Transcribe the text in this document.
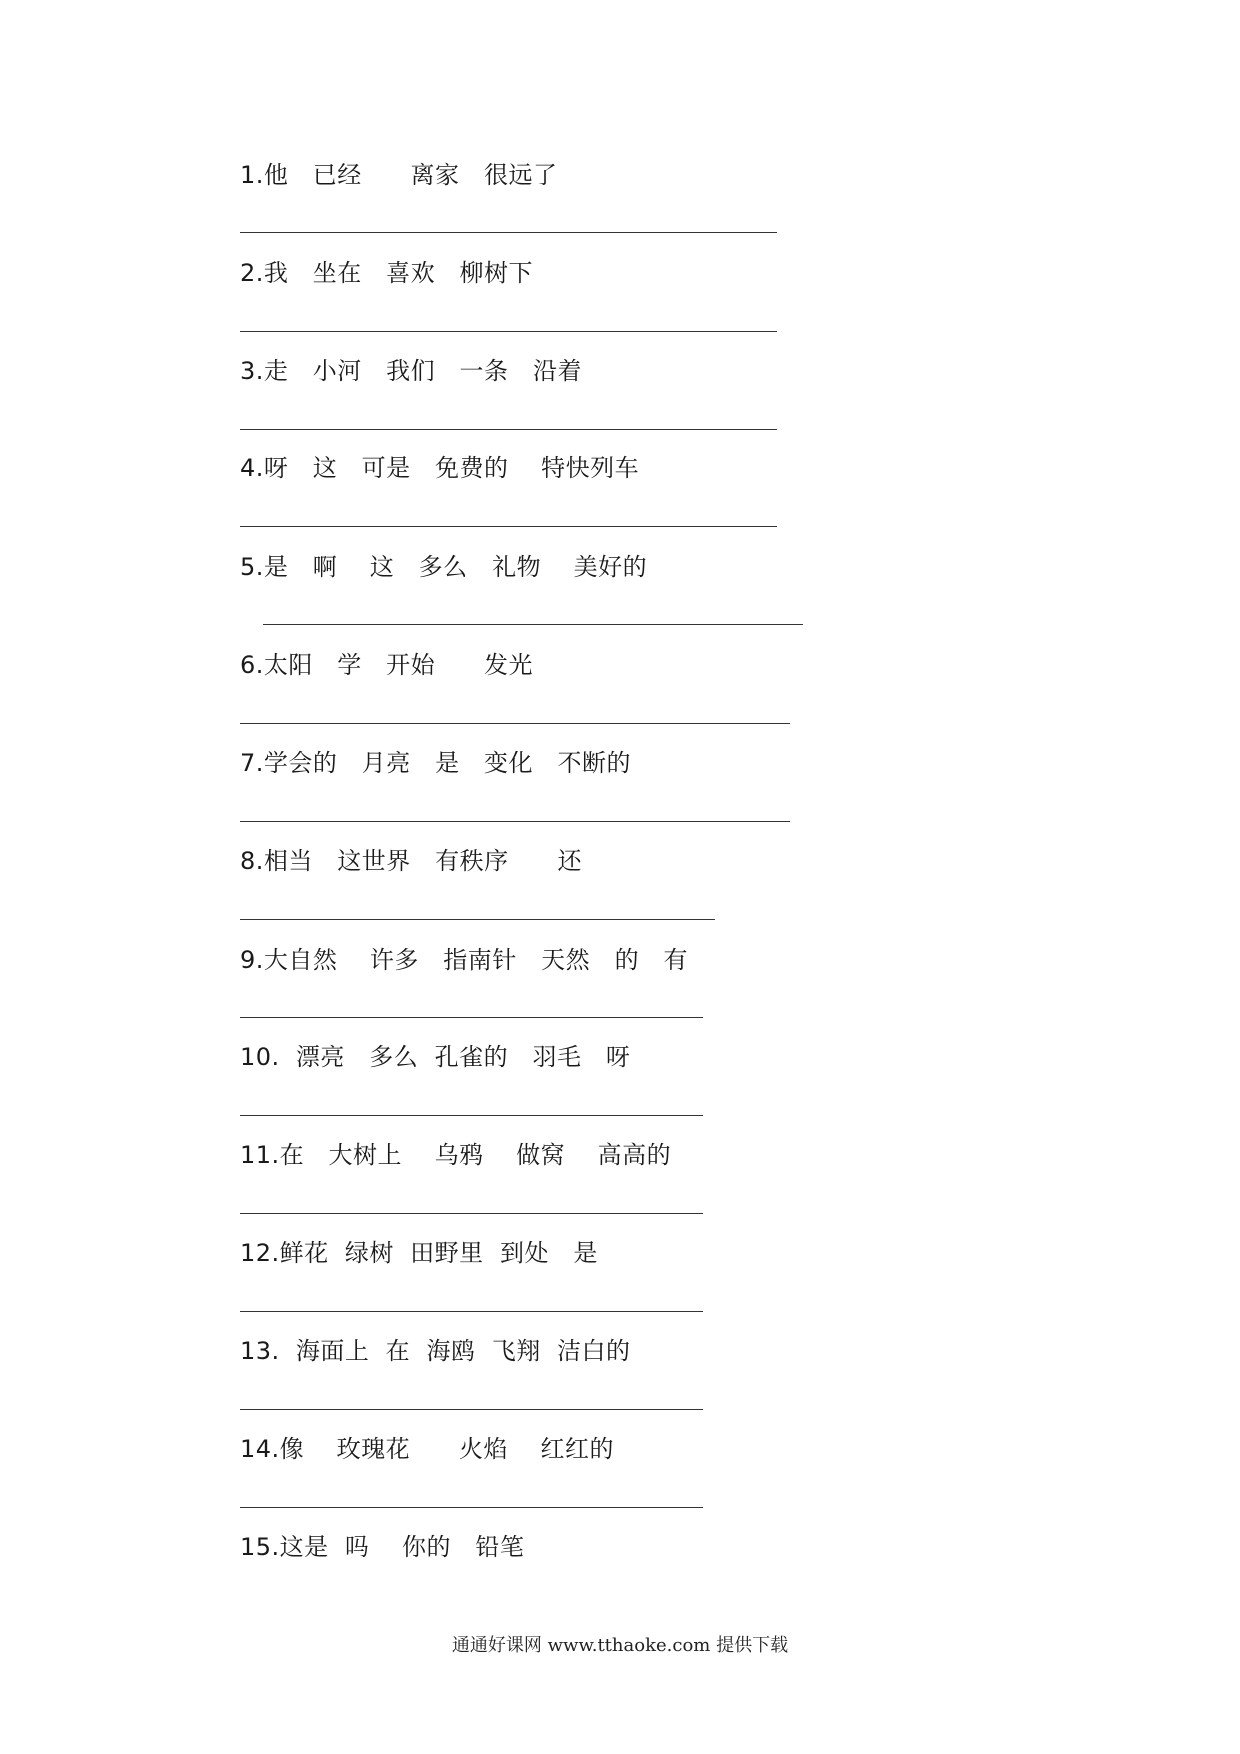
1.他   已经      离家   很远了
2.我   坐在   喜欢   柳树下
3.走   小河   我们   一条   沿着
4.呀   这   可是   免费的    特快列车
5.是   啊    这   多么   礼物    美好的
6.太阳   学   开始      发光
7.学会的   月亮   是   变化   不断的
8.相当   这世界   有秩序      还
9.大自然    许多   指南针   天然   的   有
10.  漂亮   多么  孔雀的   羽毛   呀
11.在   大树上    乌鸦    做窝    高高的
12.鲜花  绿树  田野里  到处   是
13.  海面上  在  海鸥  飞翔  洁白的
14.像    玫瑰花      火焰    红红的
15.这是  吗    你的   铅笔
通通好课网 www.tthaoke.com 提供下载
